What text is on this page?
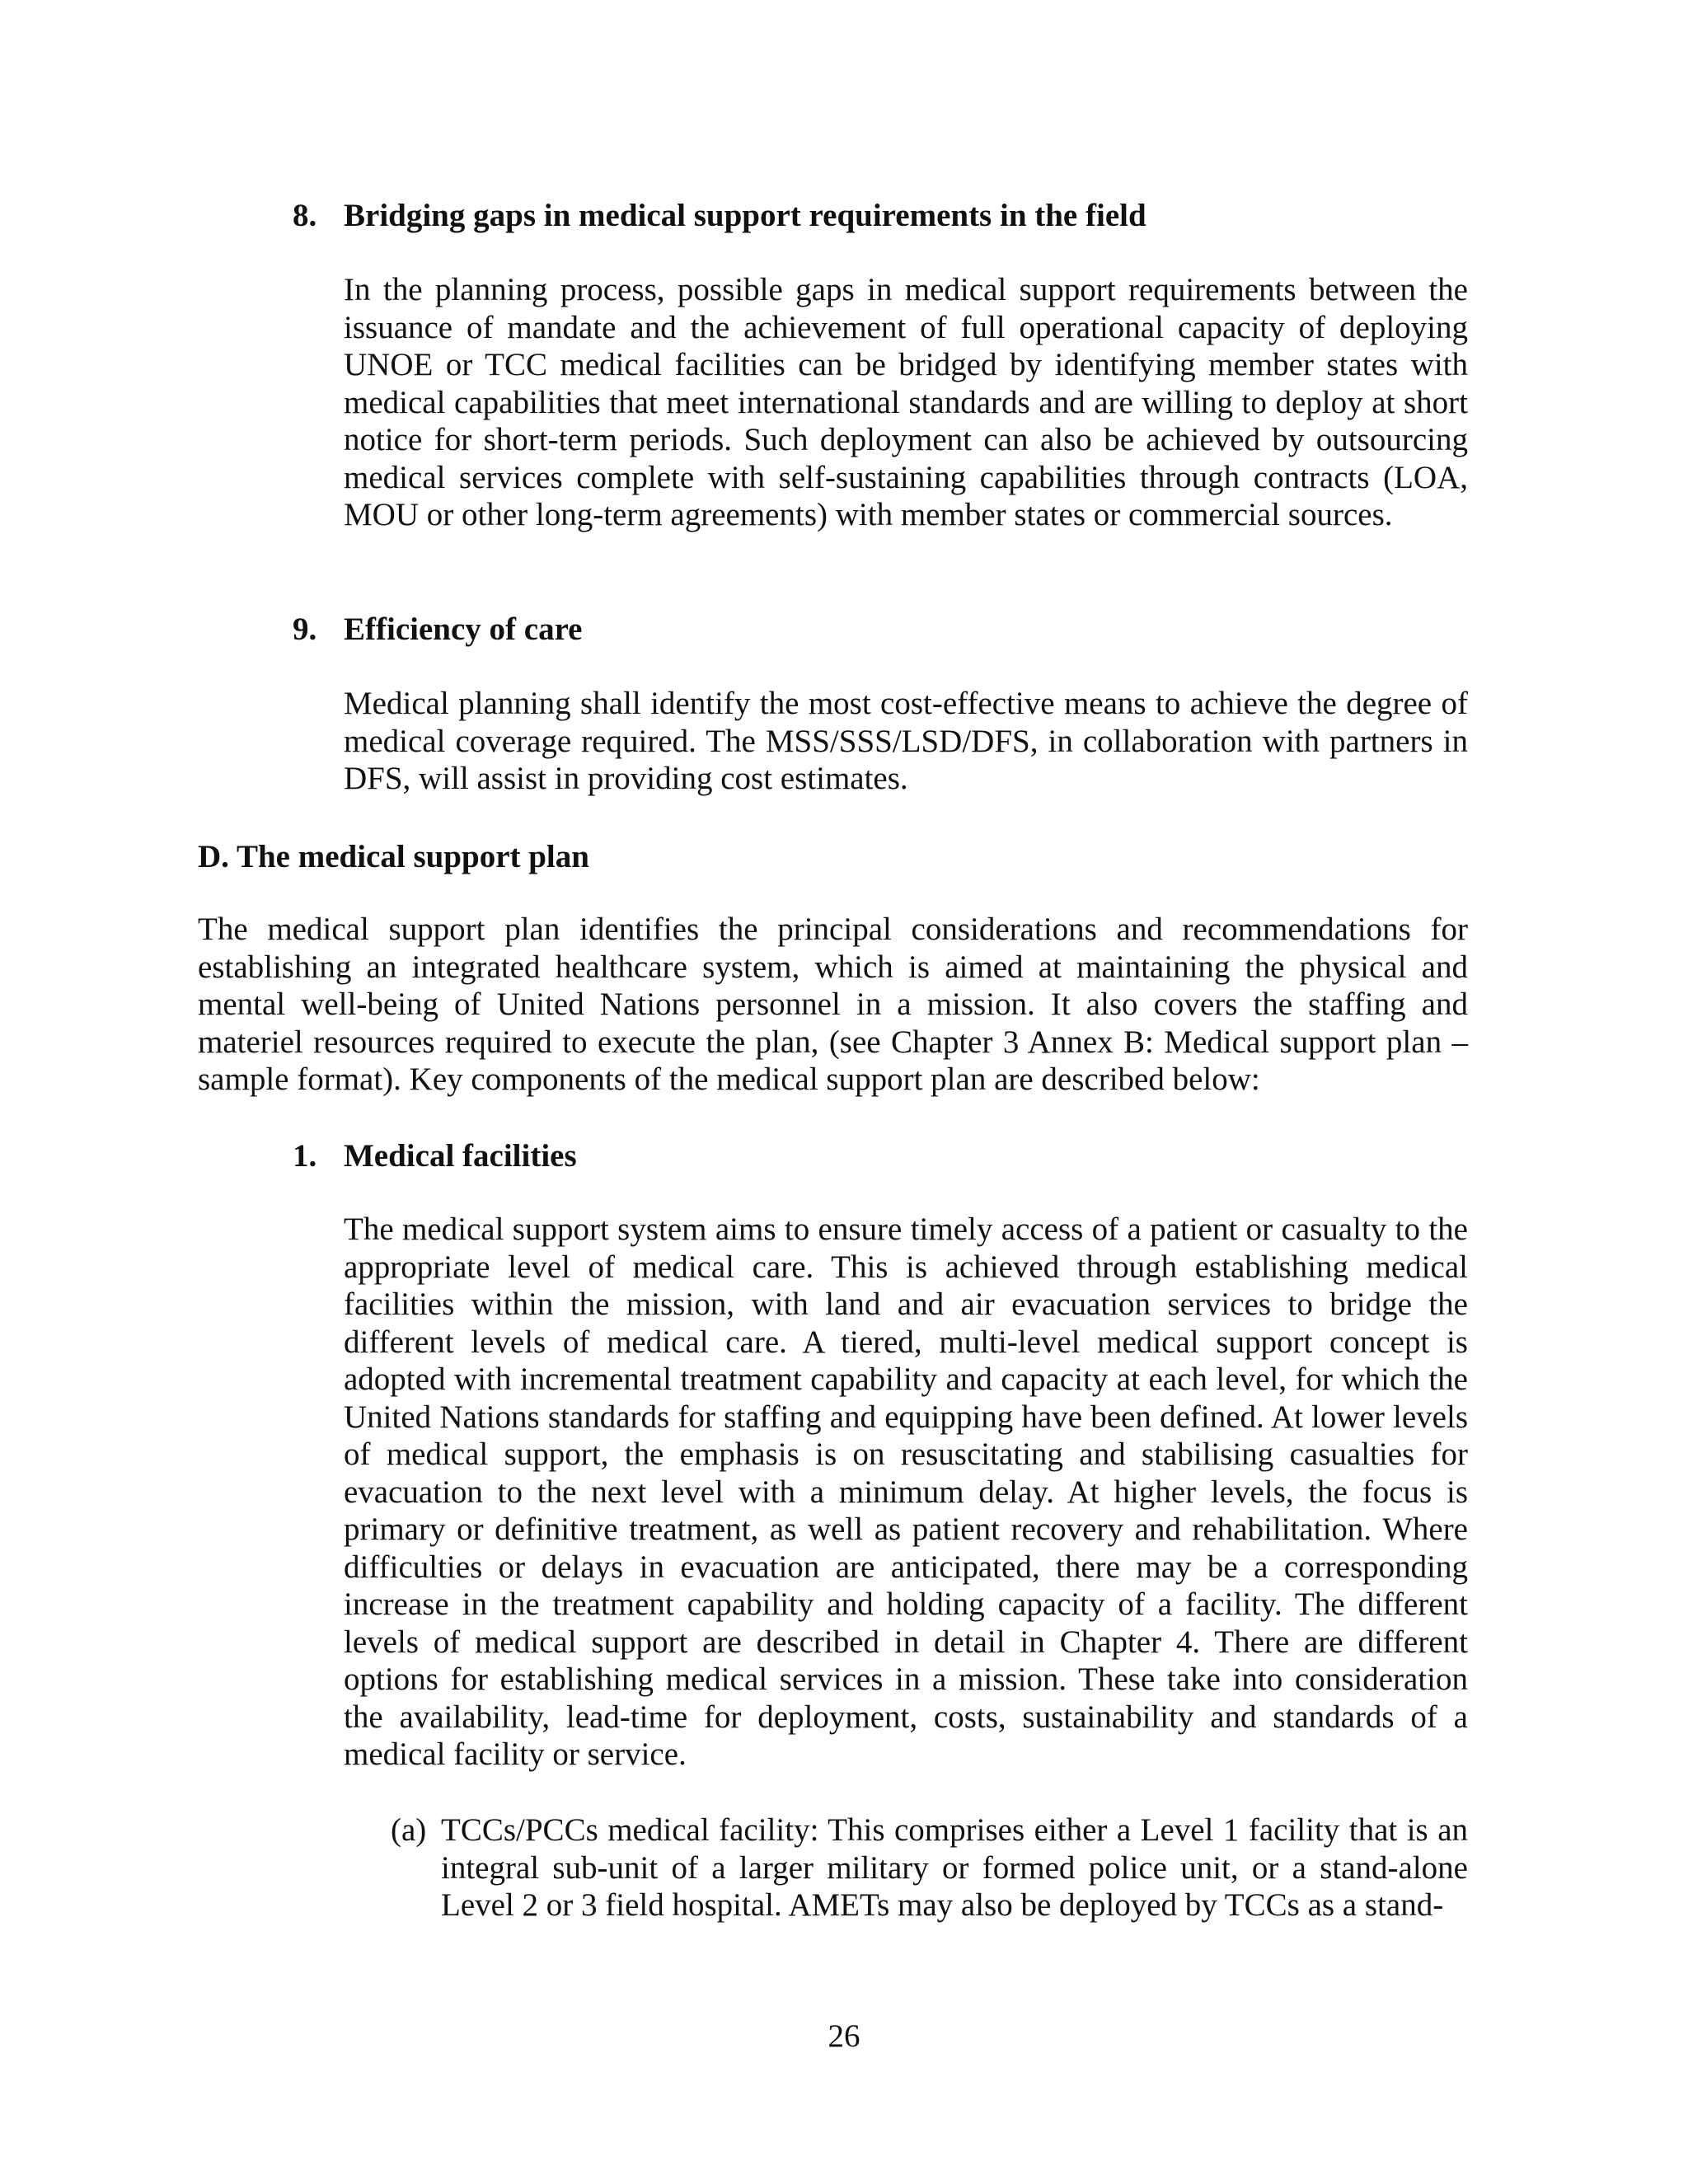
8. Bridging gaps in medical support requirements in the field

In the planning process, possible gaps in medical support requirements between the issuance of mandate and the achievement of full operational capacity of deploying UNOE or TCC medical facilities can be bridged by identifying member states with medical capabilities that meet international standards and are willing to deploy at short notice for short-term periods. Such deployment can also be achieved by outsourcing medical services complete with self-sustaining capabilities through contracts (LOA, MOU or other long-term agreements) with member states or commercial sources.

9. Efficiency of care

Medical planning shall identify the most cost-effective means to achieve the degree of medical coverage required. The MSS/SSS/LSD/DFS, in collaboration with partners in DFS, will assist in providing cost estimates.

D. The medical support plan

The medical support plan identifies the principal considerations and recommendations for establishing an integrated healthcare system, which is aimed at maintaining the physical and mental well-being of United Nations personnel in a mission. It also covers the staffing and materiel resources required to execute the plan, (see Chapter 3 Annex B: Medical support plan – sample format). Key components of the medical support plan are described below:

1. Medical facilities

The medical support system aims to ensure timely access of a patient or casualty to the appropriate level of medical care. This is achieved through establishing medical facilities within the mission, with land and air evacuation services to bridge the different levels of medical care. A tiered, multi-level medical support concept is adopted with incremental treatment capability and capacity at each level, for which the United Nations standards for staffing and equipping have been defined. At lower levels of medical support, the emphasis is on resuscitating and stabilising casualties for evacuation to the next level with a minimum delay. At higher levels, the focus is primary or definitive treatment, as well as patient recovery and rehabilitation. Where difficulties or delays in evacuation are anticipated, there may be a corresponding increase in the treatment capability and holding capacity of a facility. The different levels of medical support are described in detail in Chapter 4. There are different options for establishing medical services in a mission. These take into consideration the availability, lead-time for deployment, costs, sustainability and standards of a medical facility or service.

(a) TCCs/PCCs medical facility: This comprises either a Level 1 facility that is an integral sub-unit of a larger military or formed police unit, or a stand-alone Level 2 or 3 field hospital. AMETs may also be deployed by TCCs as a stand-

26
